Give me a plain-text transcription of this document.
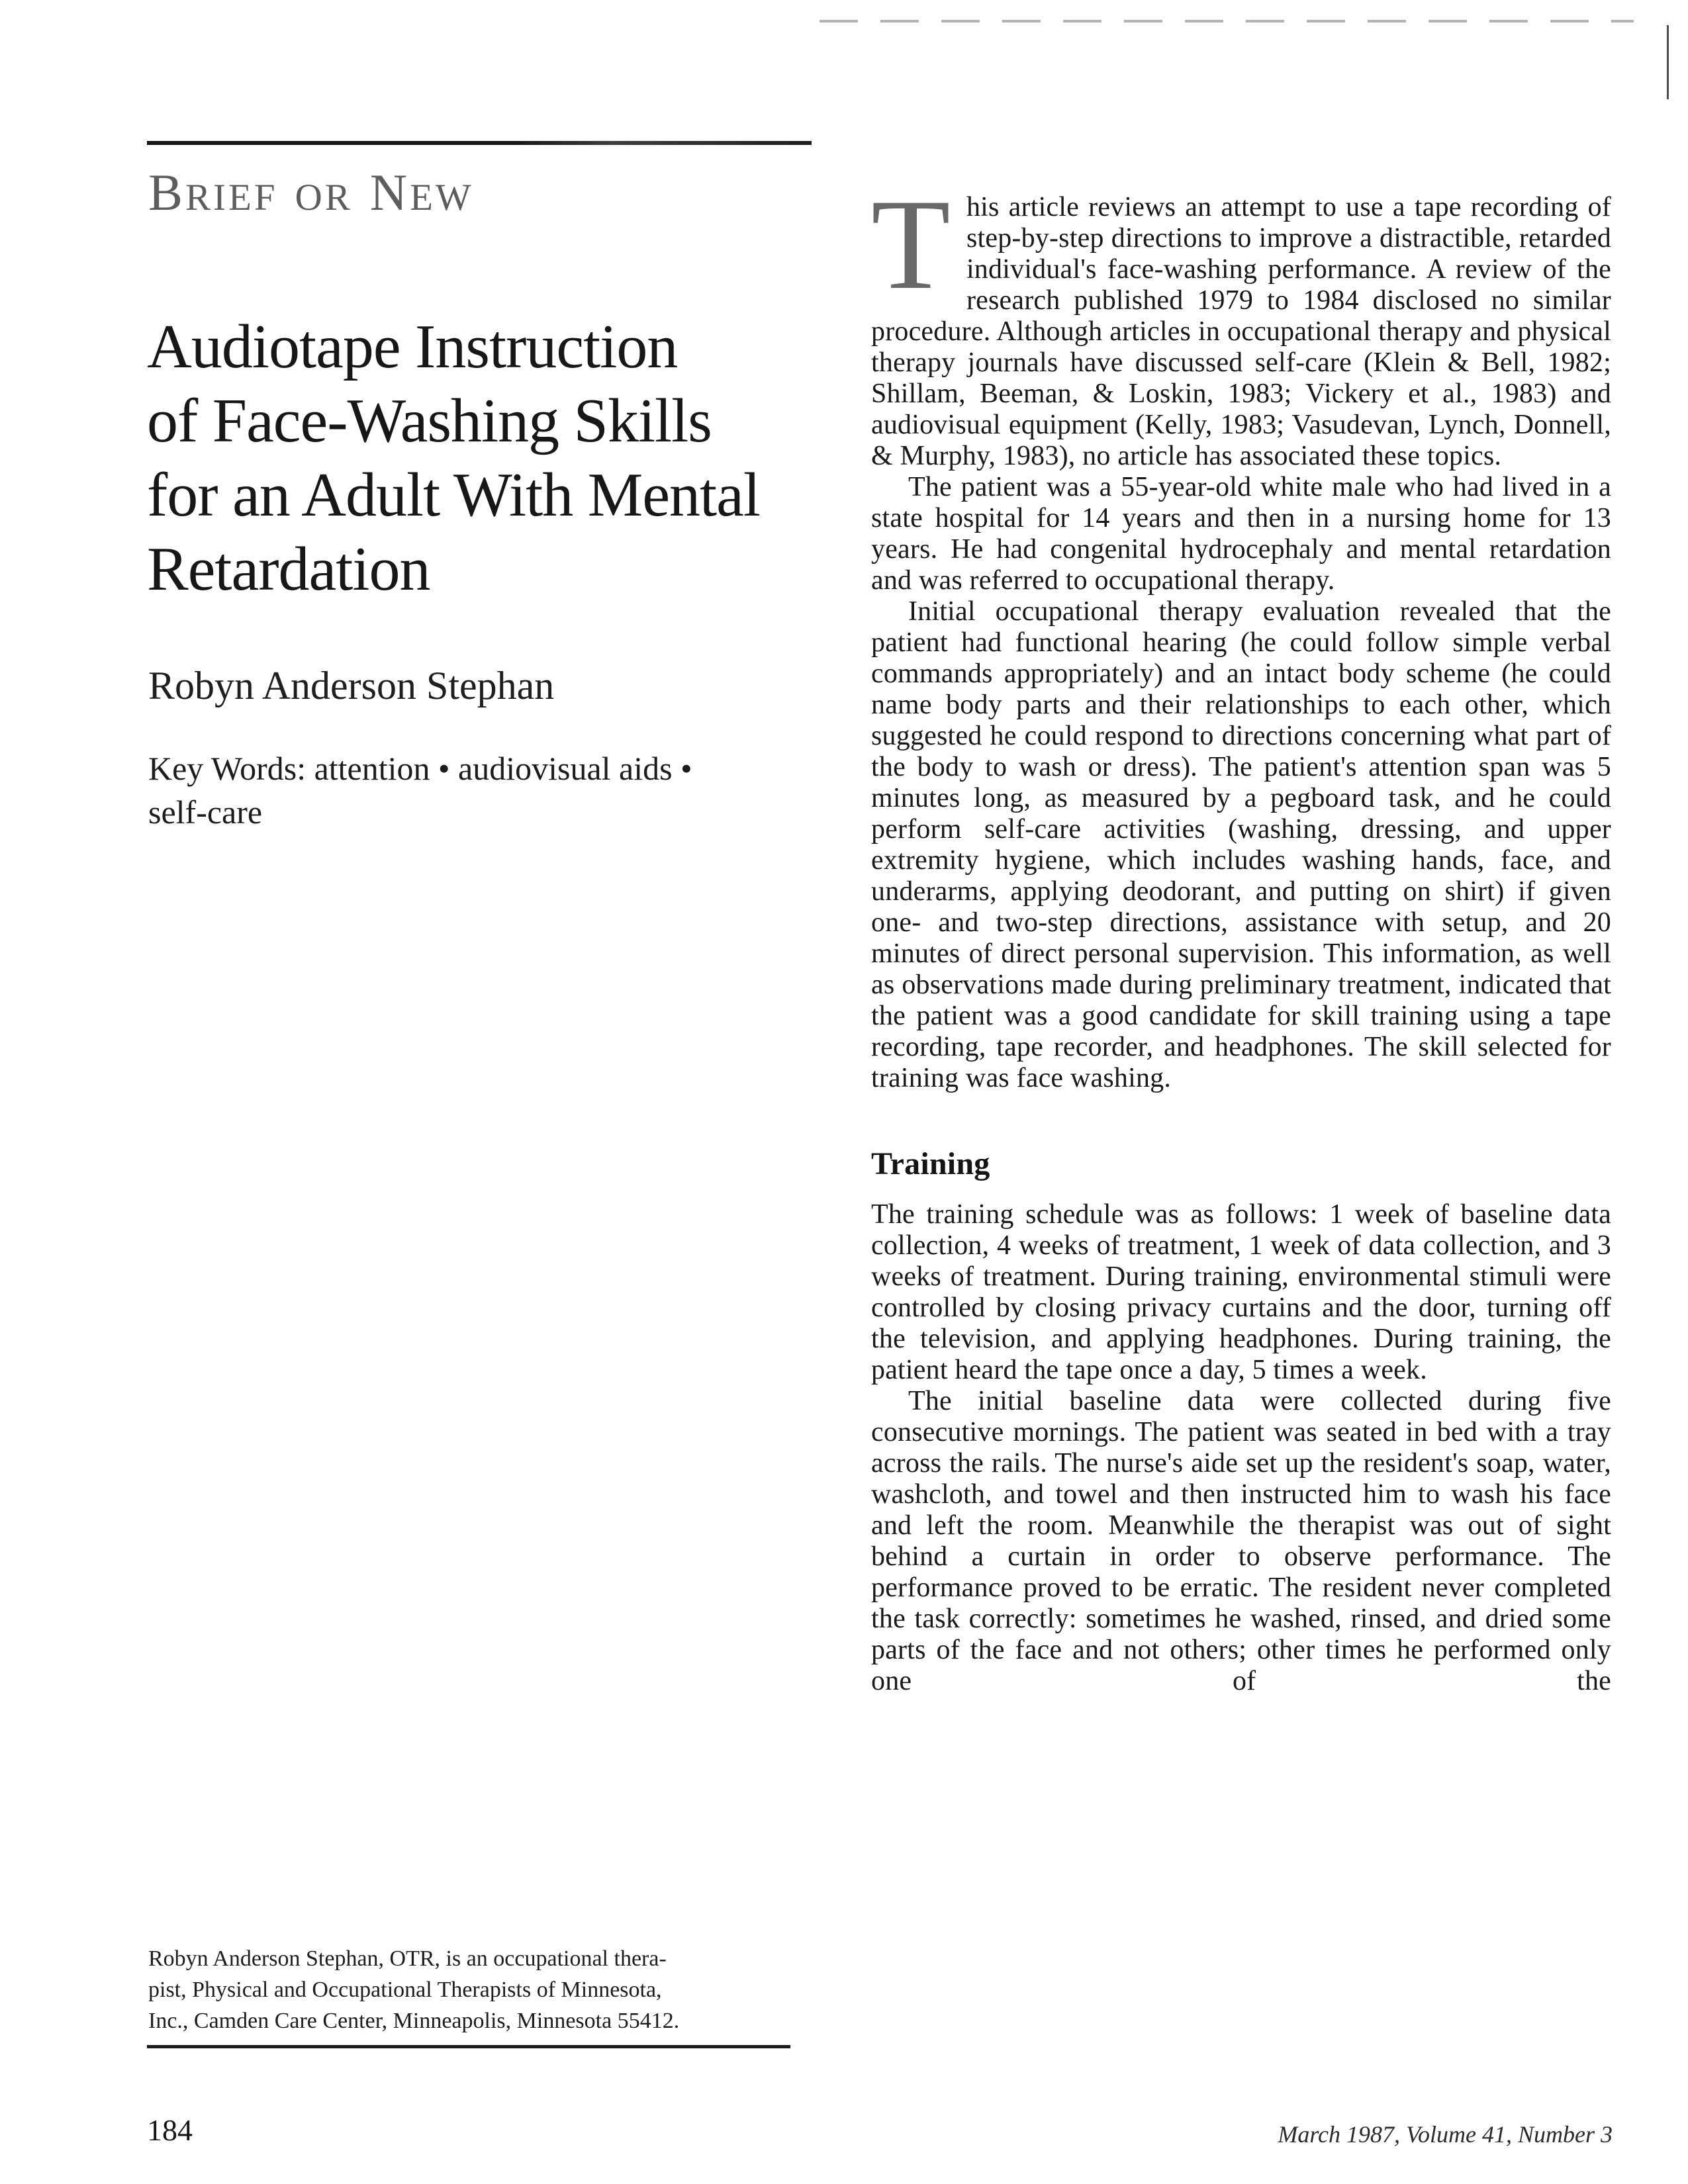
BRIEF OR NEW
Audiotape Instruction
of Face-Washing Skills
for an Adult With Mental
Retardation
Robyn Anderson Stephan
Key Words: attention • audiovisual aids •
self-care

This article reviews an attempt to use a tape recording of step-by-step directions to improve a distractible, retarded individual's face-washing performance. A review of the research published 1979 to 1984 disclosed no similar procedure. Although articles in occupational therapy and physical therapy journals have discussed self-care (Klein & Bell, 1982; Shillam, Beeman, & Loskin, 1983; Vickery et al., 1983) and audiovisual equipment (Kelly, 1983; Vasudevan, Lynch, Donnell, & Murphy, 1983), no article has associated these topics.

The patient was a 55-year-old white male who had lived in a state hospital for 14 years and then in a nursing home for 13 years. He had congenital hydrocephaly and mental retardation and was referred to occupational therapy.

Initial occupational therapy evaluation revealed that the patient had functional hearing (he could follow simple verbal commands appropriately) and an intact body scheme (he could name body parts and their relationships to each other, which suggested he could respond to directions concerning what part of the body to wash or dress). The patient's attention span was 5 minutes long, as measured by a pegboard task, and he could perform self-care activities (washing, dressing, and upper extremity hygiene, which includes washing hands, face, and underarms, applying deodorant, and putting on shirt) if given one- and two-step directions, assistance with setup, and 20 minutes of direct personal supervision. This information, as well as observations made during preliminary treatment, indicated that the patient was a good candidate for skill training using a tape recording, tape recorder, and headphones. The skill selected for training was face washing.

Training

The training schedule was as follows: 1 week of baseline data collection, 4 weeks of treatment, 1 week of data collection, and 3 weeks of treatment. During training, environmental stimuli were controlled by closing privacy curtains and the door, turning off the television, and applying headphones. During training, the patient heard the tape once a day, 5 times a week.

The initial baseline data were collected during five consecutive mornings. The patient was seated in bed with a tray across the rails. The nurse's aide set up the resident's soap, water, washcloth, and towel and then instructed him to wash his face and left the room. Meanwhile the therapist was out of sight behind a curtain in order to observe performance. The performance proved to be erratic. The resident never completed the task correctly: sometimes he washed, rinsed, and dried some parts of the face and not others; other times he performed only one of the

Robyn Anderson Stephan, OTR, is an occupational thera-
pist, Physical and Occupational Therapists of Minnesota,
Inc., Camden Care Center, Minneapolis, Minnesota 55412.
184	March 1987, Volume 41, Number 3
